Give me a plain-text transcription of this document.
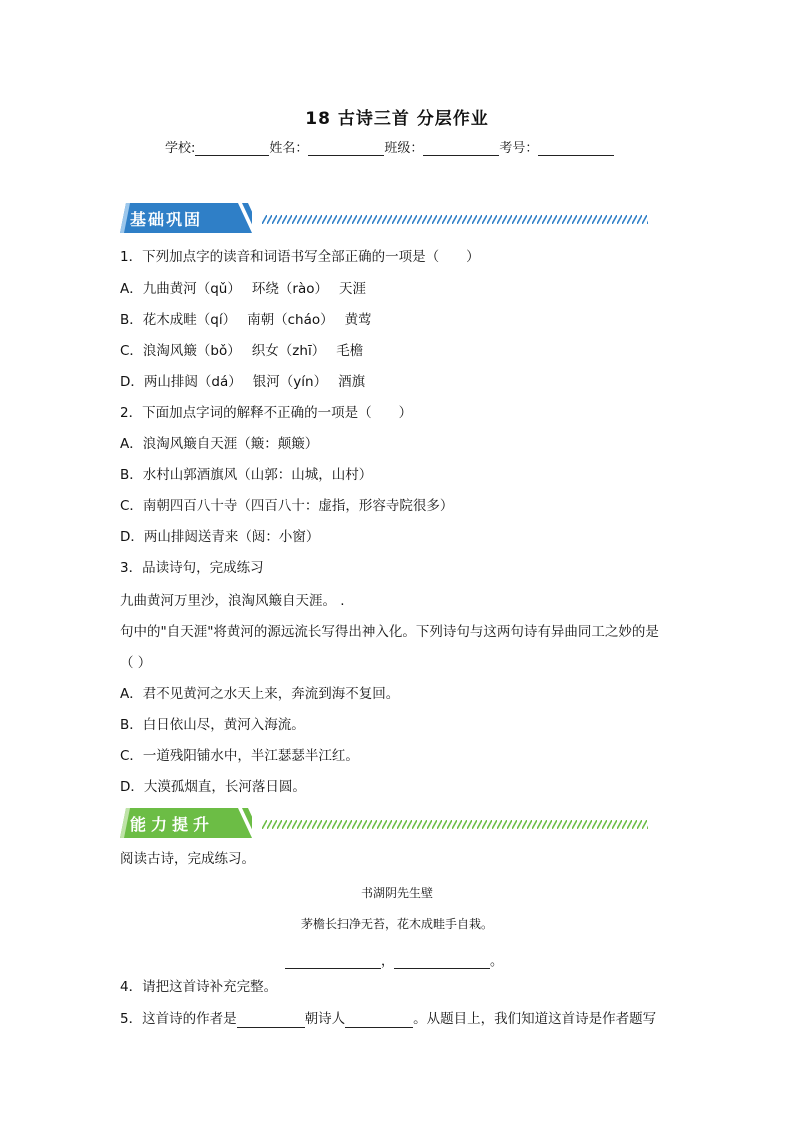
18 古诗三首 分层作业
学校:	姓名：	班级：	考号：
基础巩固
1．下列加点字的读音和词语书写全部正确的一项是（　　）
A．九曲黄河（qǔ）　 环绕（rào）　 天涯
B．花木成畦（qí）　 南朝（cháo）　 黄莺
C．浪淘风簸（bǒ）　 织女（zhī）　 毛檐
D．两山排闼（dá）　 银河（yín）　 酒旗
2．下面加点字词的解释不正确的一项是（　　）
A．浪淘风簸自天涯（簸：颠簸）
B．水村山郭酒旗风（山郭：山城，山村）
C．南朝四百八十寺（四百八十：虚指，形容寺院很多）
D．两山排闼送青来（闼：小窗）
3．品读诗句，完成练习
九曲黄河万里沙，浪淘风簸自天涯。 .
句中的"自天涯"将黄河的源远流长写得出神入化。下列诗句与这两句诗有异曲同工之妙的是
（ ）
A．君不见黄河之水天上来，奔流到海不复回。
B．白日依山尽，黄河入海流。
C．一道残阳铺水中，半江瑟瑟半江红。
D．大漠孤烟直，长河落日圆。
能力提升
阅读古诗，完成练习。
书湖阴先生壁
茅檐长扫净无苔，花木成畦手自栽。
，	。
4．请把这首诗补充完整。
5．这首诗的作者是	朝诗人	。从题目上，我们知道这首诗是作者题写
